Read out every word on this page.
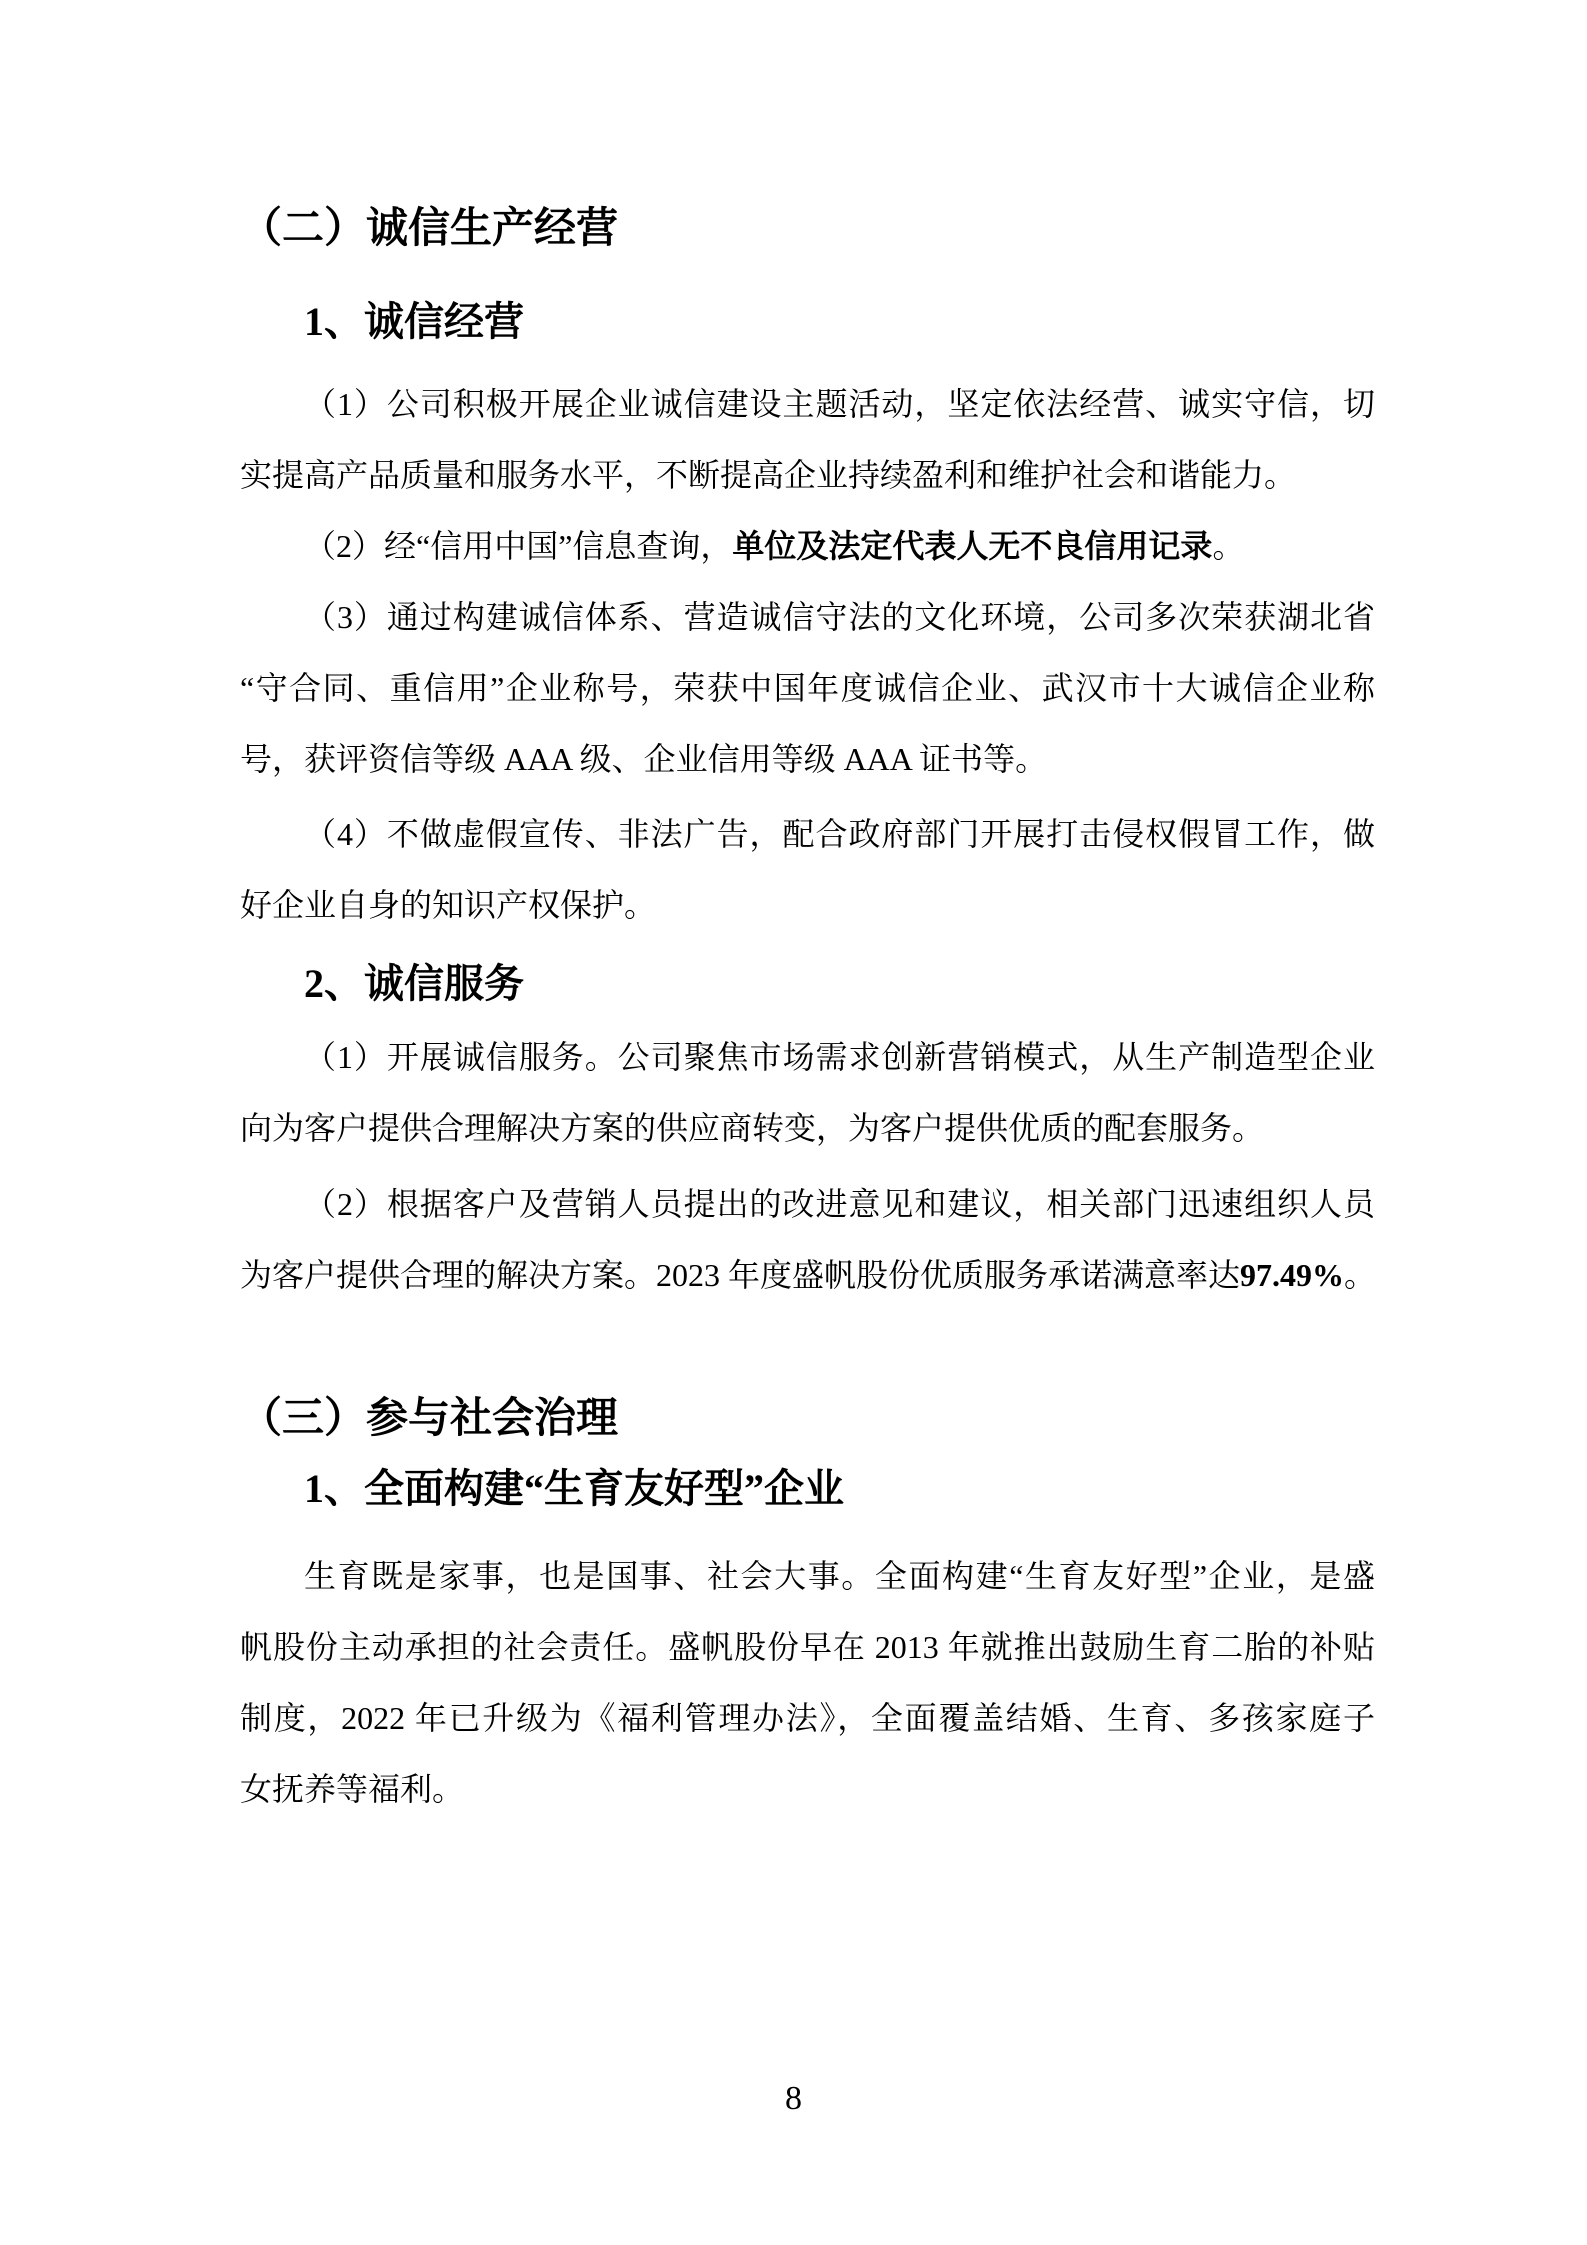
（二）诚信生产经营
1、诚信经营
（1）公司积极开展企业诚信建设主题活动，坚定依法经营、诚实守信，切
实提高产品质量和服务水平，不断提高企业持续盈利和维护社会和谐能力。
（2）经“信用中国”信息查询，单位及法定代表人无不良信用记录。
（3）通过构建诚信体系、营造诚信守法的文化环境，公司多次荣获湖北省
“守合同、重信用”企业称号，荣获中国年度诚信企业、武汉市十大诚信企业称
号，获评资信等级 AAA 级、企业信用等级 AAA 证书等。
（4）不做虚假宣传、非法广告，配合政府部门开展打击侵权假冒工作，做
好企业自身的知识产权保护。
2、诚信服务
（1）开展诚信服务。公司聚焦市场需求创新营销模式，从生产制造型企业
向为客户提供合理解决方案的供应商转变，为客户提供优质的配套服务。
（2）根据客户及营销人员提出的改进意见和建议，相关部门迅速组织人员
为客户提供合理的解决方案。2023 年度盛帆股份优质服务承诺满意率达97.49%。
（三）参与社会治理
1、全面构建“生育友好型”企业
生育既是家事，也是国事、社会大事。全面构建“生育友好型”企业，是盛
帆股份主动承担的社会责任。盛帆股份早在 2013 年就推出鼓励生育二胎的补贴
制度，2022 年已升级为《福利管理办法》，全面覆盖结婚、生育、多孩家庭子
女抚养等福利。
8
